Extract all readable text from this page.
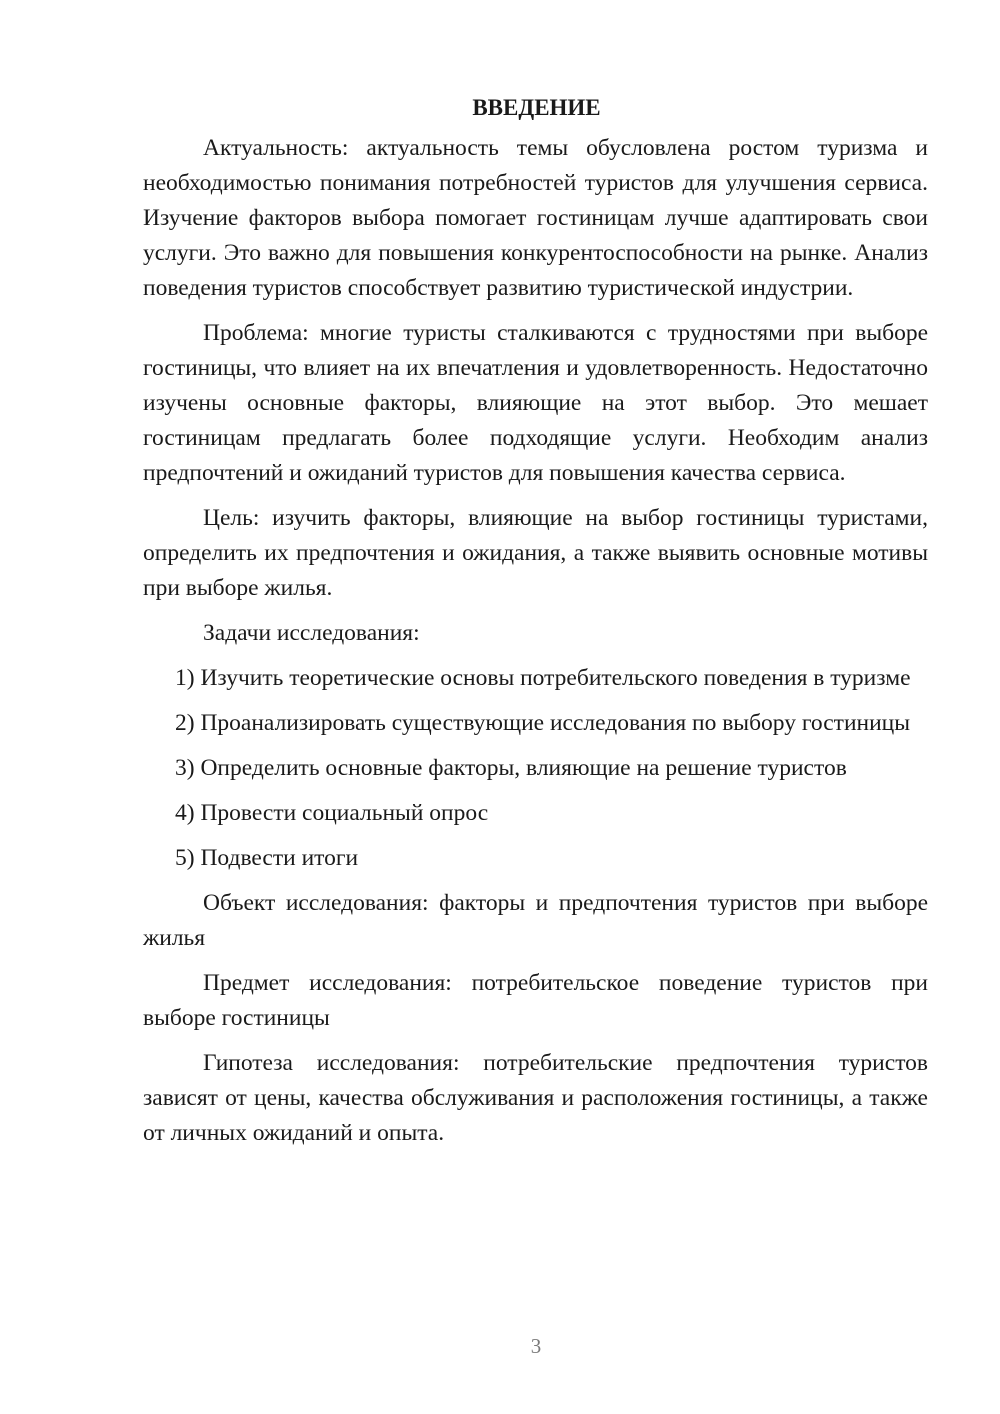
ВВЕДЕНИЕ

Актуальность: актуальность темы обусловлена ростом туризма и необходимостью понимания потребностей туристов для улучшения сервиса. Изучение факторов выбора помогает гостиницам лучше адаптировать свои услуги. Это важно для повышения конкурентоспособности на рынке. Анализ поведения туристов способствует развитию туристической индустрии.

Проблема: многие туристы сталкиваются с трудностями при выборе гостиницы, что влияет на их впечатления и удовлетворенность. Недостаточно изучены основные факторы, влияющие на этот выбор. Это мешает гостиницам предлагать более подходящие услуги. Необходим анализ предпочтений и ожиданий туристов для повышения качества сервиса.

Цель: изучить факторы, влияющие на выбор гостиницы туристами, определить их предпочтения и ожидания, а также выявить основные мотивы при выборе жилья.

Задачи исследования:

1) Изучить теоретические основы потребительского поведения в туризме

2) Проанализировать существующие исследования по выбору гостиницы

3) Определить основные факторы, влияющие на решение туристов

4) Провести социальный опрос

5) Подвести итоги

Объект исследования: факторы и предпочтения туристов при выборе жилья

Предмет исследования: потребительское поведение туристов при выборе гостиницы

Гипотеза исследования: потребительские предпочтения туристов зависят от цены, качества обслуживания и расположения гостиницы, а также от личных ожиданий и опыта.

3
